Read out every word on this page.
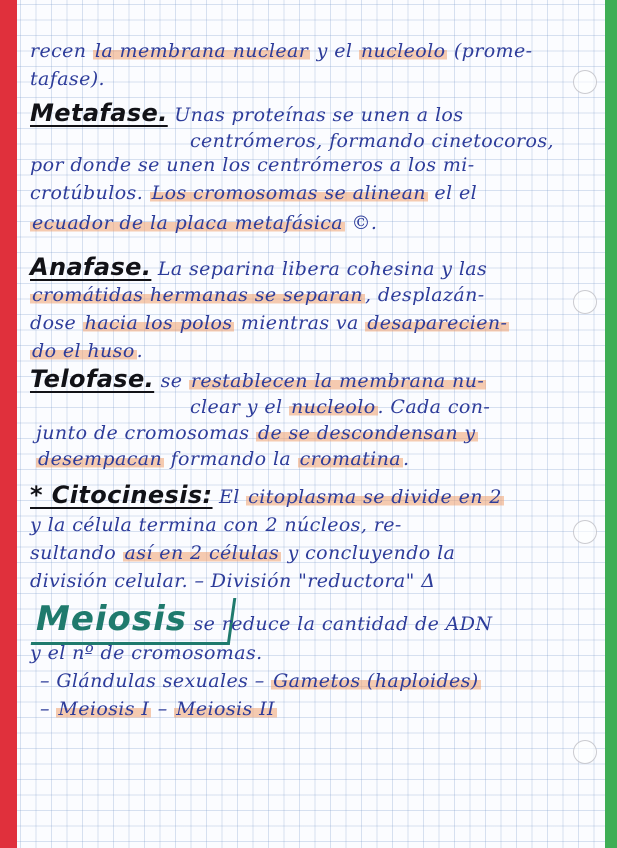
recen la membrana nuclear y el nucleolo (prome-
tafase).
Metafase. Unas proteínas se unen a los
centrómeros, formando cinetocoros,
por donde se unen los centrómeros a los mi-
crotúbulos. Los cromosomas se alinean el el
ecuador de la placa metafásica ©.
Anafase. La separina libera cohesina y las
cromátidas hermanas se separan , desplazán-
dose hacia los polos mientras va desaparecien-
do el huso .
Telofase. se restablecen la membrana nu-
clear y el nucleolo . Cada con-
junto de cromosomas de se descondensan y
desempacan formando la cromatina .
* Citocinesis: El citoplasma se divide en 2
y la célula termina con 2 núcleos, re-
sultando así en 2 células y concluyendo la
división celular. – División "reductora" Δ
Meiosis se reduce la cantidad de ADN
y el nº de cromosomas.
– Glándulas sexuales – Gametos (haploides)
– Meiosis I – Meiosis II
